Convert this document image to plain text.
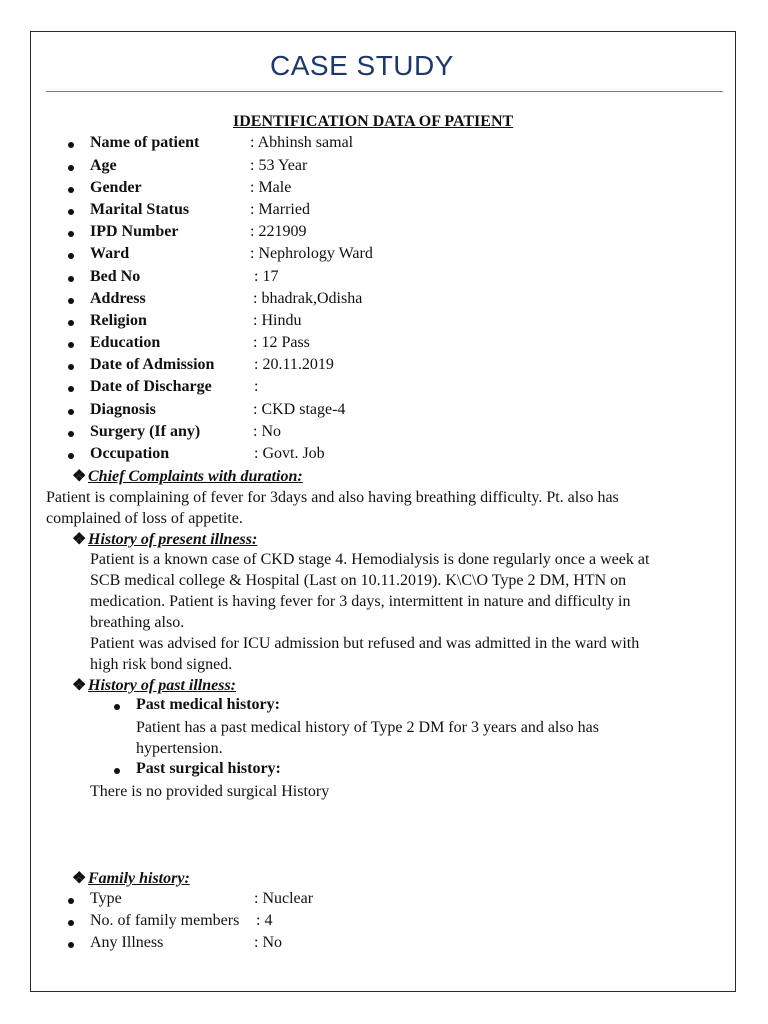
CASE STUDY
IDENTIFICATION DATA OF PATIENT
Name of patient	: Abhinsh samal
Age	: 53 Year
Gender	: Male
Marital Status	: Married
IPD Number	: 221909
Ward	: Nephrology Ward
Bed No	: 17
Address	: bhadrak,Odisha
Religion	: Hindu
Education	: 12 Pass
Date of Admission : 20.11.2019
Date of Discharge	:
Diagnosis	: CKD stage-4
Surgery (If any)	: No
Occupation	: Govt. Job
❖ Chief Complaints with duration:
Patient is complaining of fever for 3days and also having breathing difficulty. Pt. also has
complained of loss of appetite.
❖ History of present illness:
Patient is a known case of CKD stage 4. Hemodialysis is done regularly once a week at
SCB medical college & Hospital (Last on 10.11.2019). K\C\O Type 2 DM, HTN on
medication. Patient is having fever for 3 days, intermittent in nature and difficulty in
breathing also.
Patient was advised for ICU admission but refused and was admitted in the ward with
high risk bond signed.
❖ History of past illness:
Past medical history:
Patient has a past medical history of Type 2 DM for 3 years and also has
hypertension.
Past surgical history:
There is no provided surgical History
❖ Family history:
Type	: Nuclear
No. of family members : 4
Any Illness	: No
